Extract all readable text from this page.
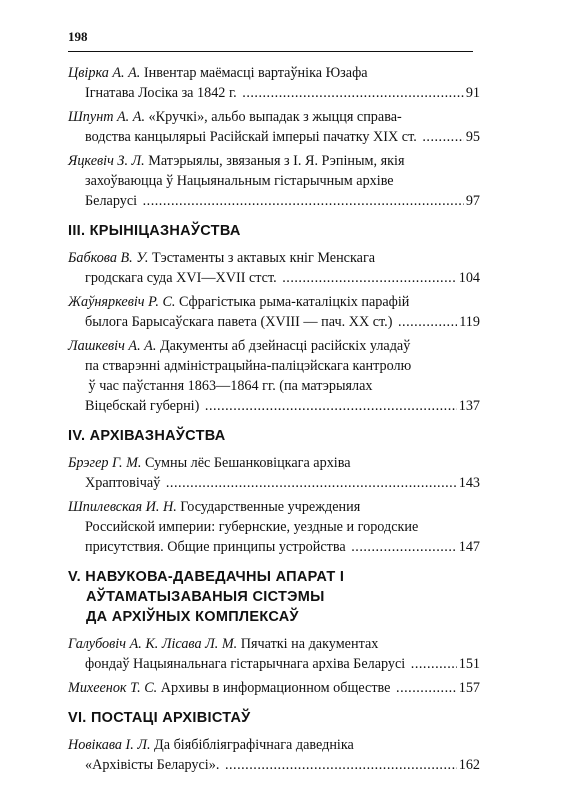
198
Цвірка А. А. Інвентар маёмасці вартаўніка Юзафа
Ігнатава Лосіка за 1842 г. .....	91
Шпунт А. А. «Кручкі», альбо выпадак з жыцця справа-
водства канцылярыі Расійскай імперыі пачатку XIX ст. .....	95
Яцкевіч З. Л. Матэрыялы, звязаныя з І. Я. Рэпіным, якія
захоўваюцца ў Нацыянальным гістарычным архіве
Беларусі .....	97
ІІІ. КРЫНІЦАЗНАЎСТВА
Бабкова В. У. Тэстаменты з актавых кніг Менскага
гродскага суда XVI—XVII стст. .....	104
Жаўняркевіч Р. С. Сфрагістыка рыма-каталіцкіх парафій
былога Барысаўскага павета (XVIII — пач. XX ст.) .....	119
Лашкевіч А. А. Дакументы аб дзейнасці расійскіх уладаў
па стварэнні адміністрацыйна-паліцэйскага кантролю
ў час паўстання 1863—1864 гг. (па матэрыялах
Віцебскай губерні) .....	137
IV. АРХІВАЗНАЎСТВА
Брэгер Г. М. Сумны лёс Бешанковіцкага архіва
Храптовічаў .....	143
Шпилевская И. Н. Государственные учреждения
Российской империи: губернские, уездные и городские
присутствия. Общие принципы устройства .....	147
V. НАВУКОВА-ДАВЕДАЧНЫ АПАРАТ І
АЎТАМАТЫЗАВАНЫЯ СІСТЭМЫ
ДА АРХІЎНЫХ КОМПЛЕКСАЎ
Галубовіч А. К. Лісава Л. М. Пячаткі на дакументах
фондаў Нацыянальнага гістарычнага архіва Беларусі .....	151
Михеенок Т. С. Архивы в информационном обществе .....	157
VI. ПОСТАЦІ АРХІВІСТАЎ
Новікава І. Л. Да біябібліяграфічнага даведніка
«Архівісты Беларусі». .....	162
